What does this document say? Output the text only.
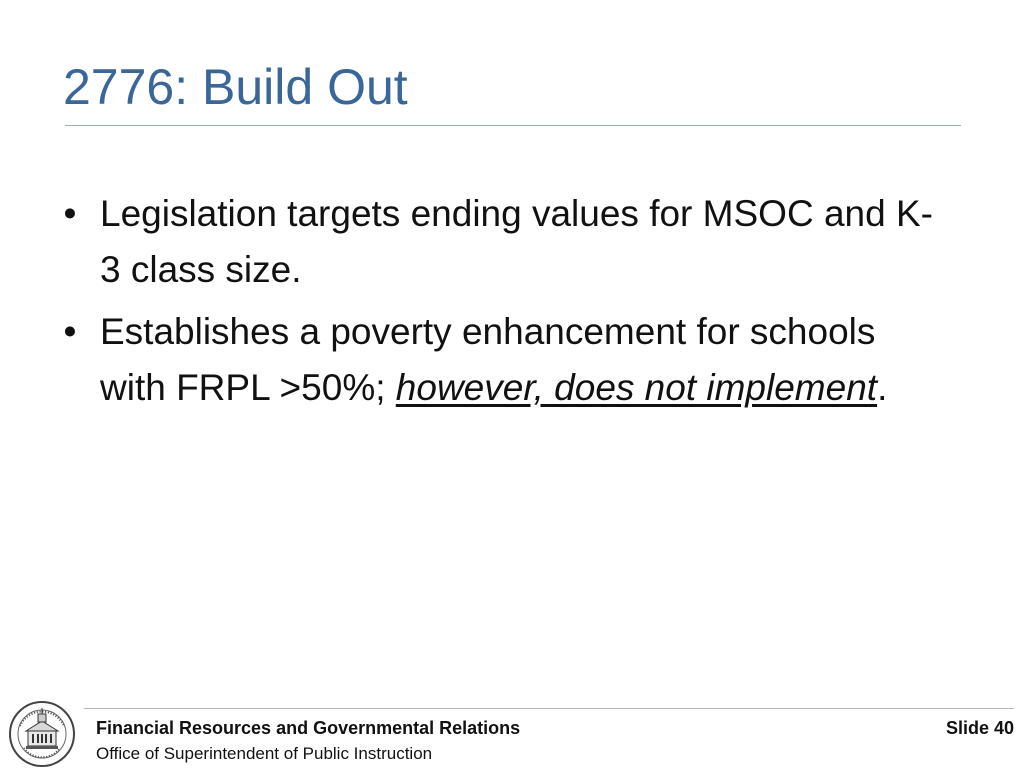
2776: Build Out
• Legislation targets ending values for MSOC and K-3 class size.
• Establishes a poverty enhancement for schools with FRPL >50%; however, does not implement.
Financial Resources and Governmental Relations
Office of Superintendent of Public Instruction
Slide 40
